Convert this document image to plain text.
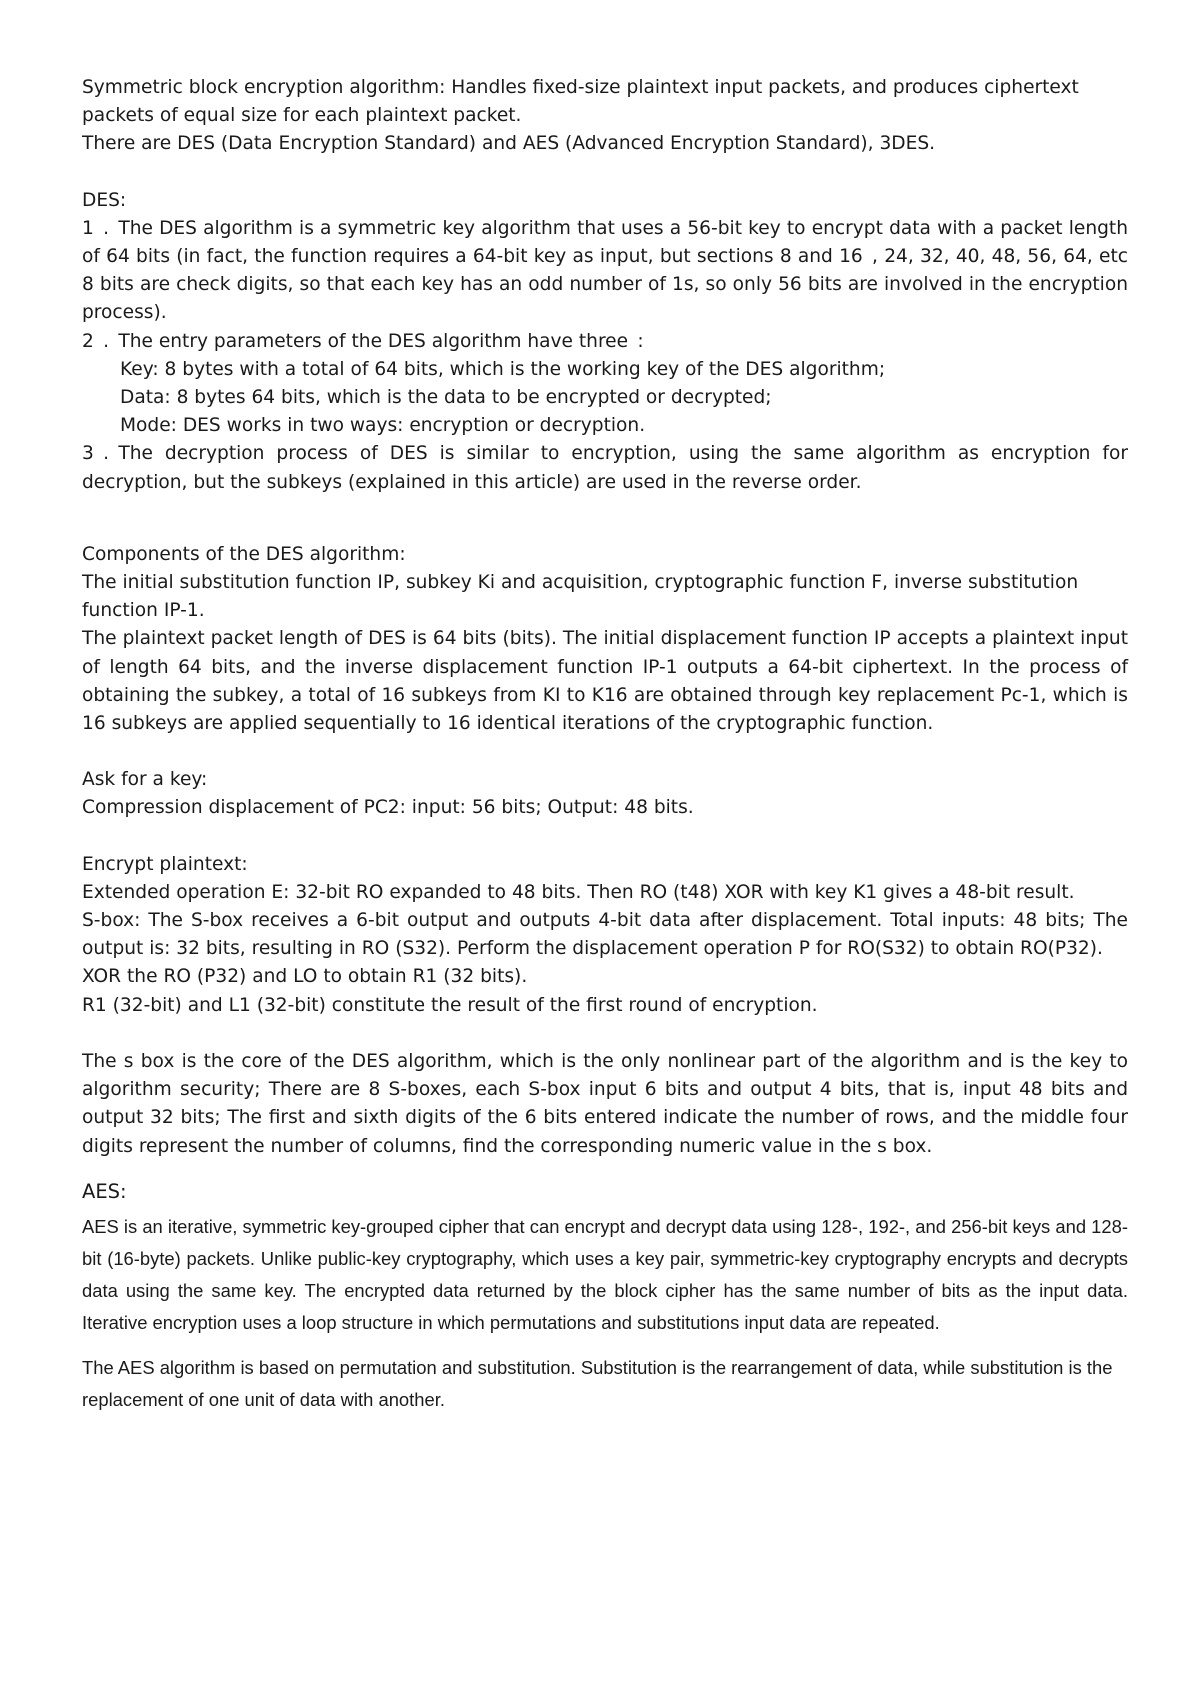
Symmetric block encryption algorithm: Handles fixed-size plaintext input packets, and produces ciphertext packets of equal size for each plaintext packet.

There are DES (Data Encryption Standard) and AES (Advanced Encryption Standard), 3DES.

DES:

1 . The DES algorithm is a symmetric key algorithm that uses a 56-bit key to encrypt data with a packet length of 64 bits (in fact, the function requires a 64-bit key as input, but sections 8 and 16 , 24, 32, 40, 48, 56, 64, etc 8 bits are check digits, so that each key has an odd number of 1s, so only 56 bits are involved in the encryption process).

2 . The entry parameters of the DES algorithm have three :

Key: 8 bytes with a total of 64 bits, which is the working key of the DES algorithm;

Data: 8 bytes 64 bits, which is the data to be encrypted or decrypted;

Mode: DES works in two ways: encryption or decryption.

3 . The decryption process of DES is similar to encryption, using the same algorithm as encryption for decryption, but the subkeys (explained in this article) are used in the reverse order.

Components of the DES algorithm:

The initial substitution function IP, subkey Ki and acquisition, cryptographic function F, inverse substitution function IP-1.

The plaintext packet length of DES is 64 bits (bits). The initial displacement function IP accepts a plaintext input of length 64 bits, and the inverse displacement function IP-1 outputs a 64-bit ciphertext. In the process of obtaining the subkey, a total of 16 subkeys from KI to K16 are obtained through key replacement Pc-1, which is 16 subkeys are applied sequentially to 16 identical iterations of the cryptographic function.

Ask for a key:

Compression displacement of PC2: input: 56 bits; Output: 48 bits.

Encrypt plaintext:

Extended operation E: 32-bit RO expanded to 48 bits. Then RO (t48) XOR with key K1 gives a 48-bit result.

S-box: The S-box receives a 6-bit output and outputs 4-bit data after displacement. Total inputs: 48 bits; The output is: 32 bits, resulting in RO (S32). Perform the displacement operation P for RO(S32) to obtain RO(P32).

XOR the RO (P32) and LO to obtain R1 (32 bits).

R1 (32-bit) and L1 (32-bit) constitute the result of the first round of encryption.

The s box is the core of the DES algorithm, which is the only nonlinear part of the algorithm and is the key to algorithm security; There are 8 S-boxes, each S-box input 6 bits and output 4 bits, that is, input 48 bits and output 32 bits; The first and sixth digits of the 6 bits entered indicate the number of rows, and the middle four digits represent the number of columns, find the corresponding numeric value in the s box.

AES:

AES is an iterative, symmetric key-grouped cipher that can encrypt and decrypt data using 128-, 192-, and 256-bit keys and 128-bit (16-byte) packets. Unlike public-key cryptography, which uses a key pair, symmetric-key cryptography encrypts and decrypts data using the same key. The encrypted data returned by the block cipher has the same number of bits as the input data. Iterative encryption uses a loop structure in which permutations and substitutions input data are repeated.

The AES algorithm is based on permutation and substitution. Substitution is the rearrangement of data, while substitution is the replacement of one unit of data with another.
